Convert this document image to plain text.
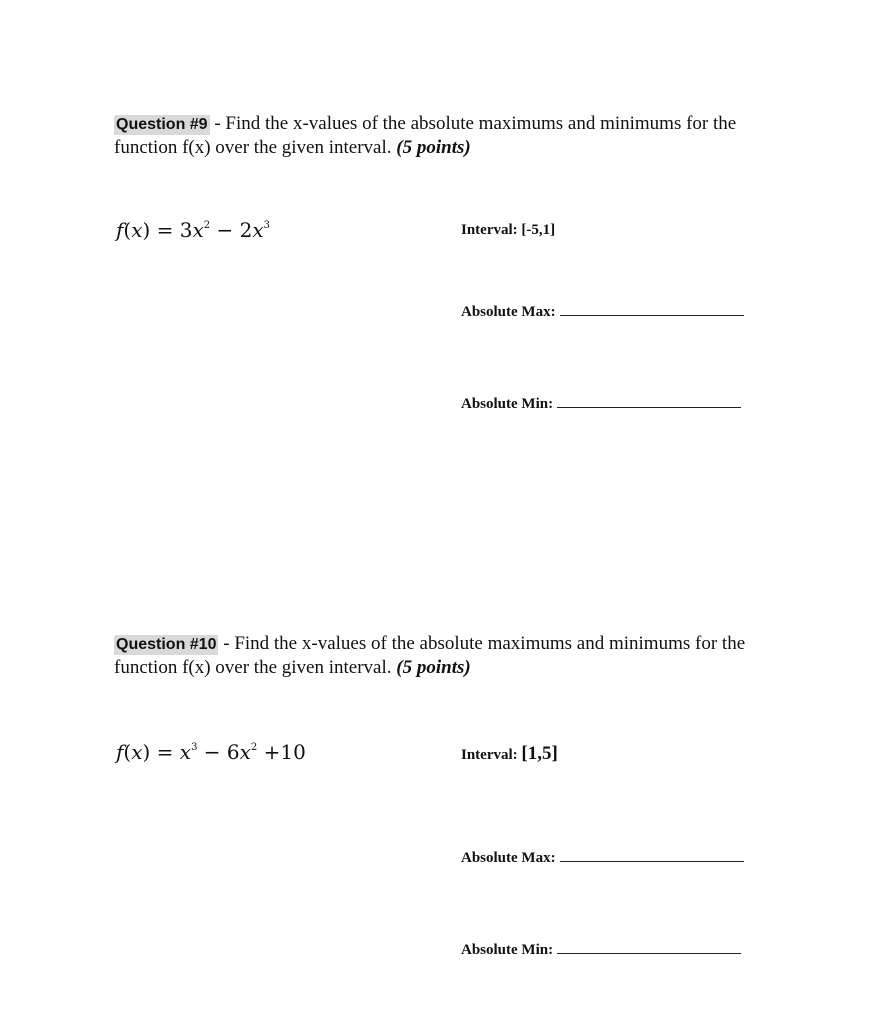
Question #9 - Find the x-values of the absolute maximums and minimums for the function f(x) over the given interval. (5 points)
$f(x) = 3x^2 - 2x^3$	Interval: [-5,1]
Absolute Max:
Absolute Min:
Question #10 - Find the x-values of the absolute maximums and minimums for the function f(x) over the given interval. (5 points)
$f(x) = x^3 - 6x^2 +10$	Interval: [1,5]
Absolute Max:
Absolute Min:
